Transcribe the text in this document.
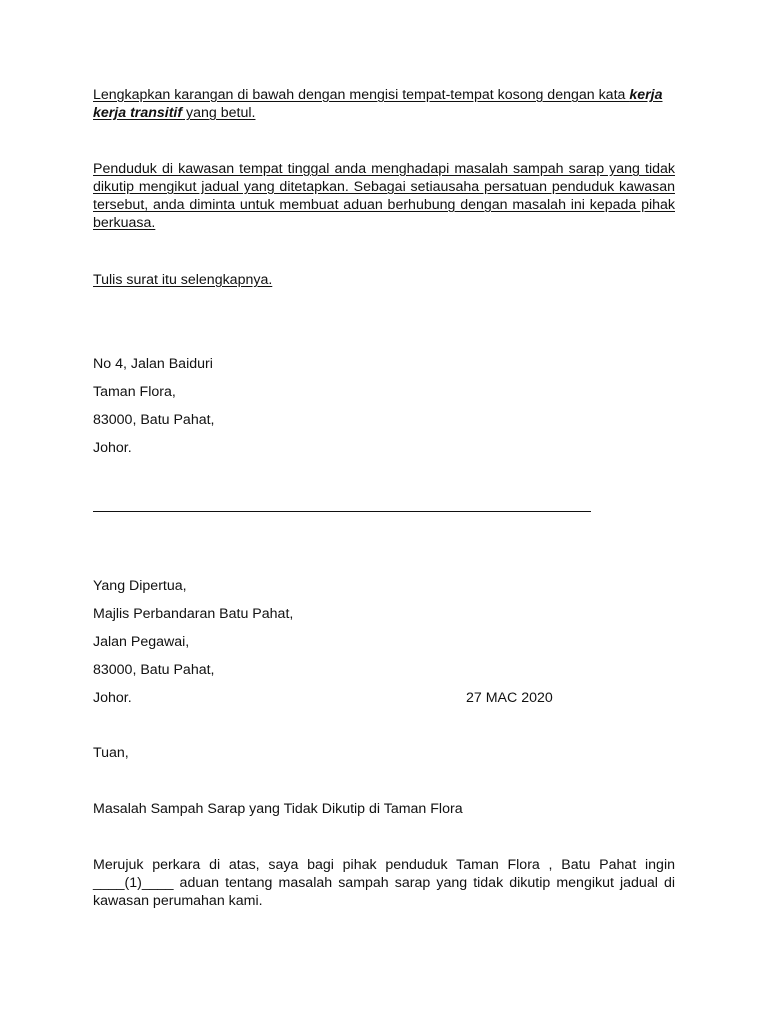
Lengkapkan karangan di bawah dengan mengisi tempat-tempat kosong dengan kata kerja kerja transitif yang betul.

Penduduk di kawasan tempat tinggal anda menghadapi masalah sampah sarap yang tidak dikutip mengikut jadual yang ditetapkan. Sebagai setiausaha persatuan penduduk kawasan tersebut, anda diminta untuk membuat aduan berhubung dengan masalah ini kepada pihak berkuasa.

Tulis surat itu selengkapnya.

No 4, Jalan Baiduri

Taman Flora,

83000, Batu Pahat,

Johor.

Yang Dipertua,

Majlis Perbandaran Batu Pahat,

Jalan Pegawai,

83000, Batu Pahat,

Johor.	27 MAC 2020

Tuan,

Masalah Sampah Sarap yang Tidak Dikutip di Taman Flora

Merujuk perkara di atas, saya bagi pihak penduduk Taman Flora , Batu Pahat ingin ____(1)____ aduan tentang masalah sampah sarap yang tidak dikutip mengikut jadual di kawasan perumahan kami.
